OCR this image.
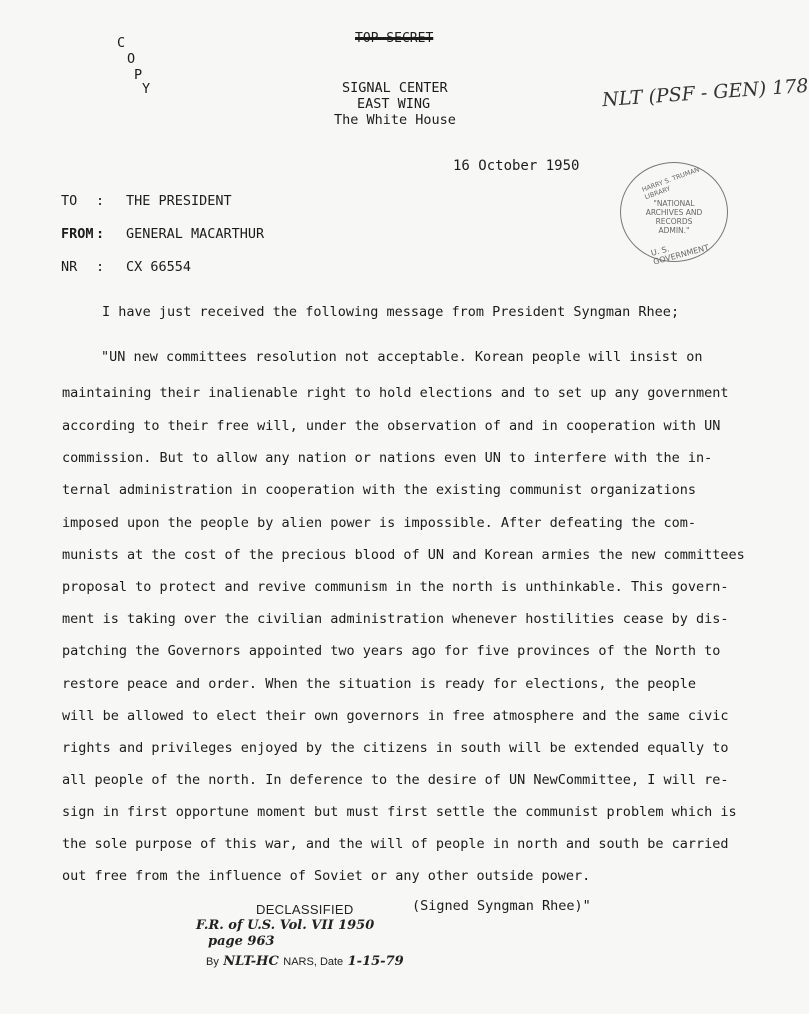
C
O
P
Y
TOP SECRET
SIGNAL CENTER
EAST WING
The White House
NLT (PSF - GEN) 178
16 October 1950	HARRY S. TRUMAN LIBRARY
"NATIONAL
ARCHIVES AND
RECORDS
ADMIN."
U. S. GOVERNMENT
TO : THE PRESIDENT
FROM : GENERAL MACARTHUR
NR : CX 66554
I have just received the following message from President Syngman Rhee;
"UN new committees resolution not acceptable. Korean people will insist on
maintaining their inalienable right to hold elections and to set up any government
according to their free will, under the observation of and in cooperation with UN
commission. But to allow any nation or nations even UN to interfere with the in-
ternal administration in cooperation with the existing communist organizations
imposed upon the people by alien power is impossible. After defeating the com-
munists at the cost of the precious blood of UN and Korean armies the new committees
proposal to protect and revive communism in the north is unthinkable. This govern-
ment is taking over the civilian administration whenever hostilities cease by dis-
patching the Governors appointed two years ago for five provinces of the North to
restore peace and order. When the situation is ready for elections, the people
will be allowed to elect their own governors in free atmosphere and the same civic
rights and privileges enjoyed by the citizens in south will be extended equally to
all people of the north. In deference to the desire of UN NewCommittee, I will re-
sign in first opportune moment but must first settle the communist problem which is
the sole purpose of this war, and the will of people in north and south be carried
out free from the influence of Soviet or any other outside power.
(Signed Syngman Rhee)"
DECLASSIFIED
F.R. of U.S. Vol. VII 1950
page 963
By NLT-HC NARS, Date 1-15-79
